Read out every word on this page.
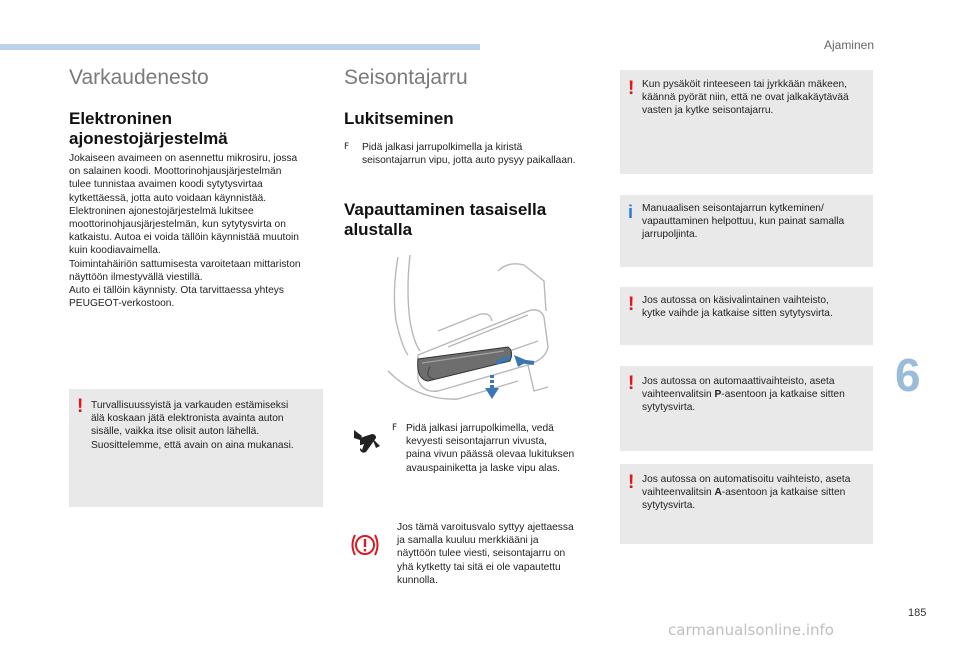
Ajaminen
Varkaudenesto

Elektroninen

ajonestojärjestelmä

Jokaiseen avaimeen on asennettu mikrosiru, jossa

on salainen koodi. Moottorinohjausjärjestelmän

tulee tunnistaa avaimen koodi sytytysvirtaa

kytkettäessä, jotta auto voidaan käynnistää.

Elektroninen ajonestojärjestelmä lukitsee

moottorinohjausjärjestelmän, kun sytytysvirta on

katkaistu. Autoa ei voida tällöin käynnistää muutoin

kuin koodiavaimella.

Toimintahäiriön sattumisesta varoitetaan mittariston

näyttöön ilmestyvällä viestillä.

Auto ei tällöin käynnisty. Ota tarvittaessa yhteys

PEUGEOT-verkostoon.

! Turvallisuussyistä ja varkauden estämiseksi

älä koskaan jätä elektronista avainta auton

sisälle, vaikka itse olisit auton lähellä.

Suosittelemme, että avain on aina mukanasi.

Seisontajarru

Lukitseminen

F Pidä jalkasi jarrupolkimella ja kiristä

seisontajarrun vipu, jotta auto pysyy paikallaan.

Vapauttaminen tasaisella

alustalla

F Pidä jalkasi jarrupolkimella, vedä

kevyesti seisontajarrun vivusta,

paina vivun päässä olevaa lukituksen

avauspainiketta ja laske vipu alas.

Jos tämä varoitusvalo syttyy ajettaessa

ja samalla kuuluu merkkiääni ja

näyttöön tulee viesti, seisontajarru on

yhä kytketty tai sitä ei ole vapautettu

kunnolla.

! Kun pysäköit rinteeseen tai jyrkkään mäkeen,

käännä pyörät niin, että ne ovat jalkakäytävää

vasten ja kytke seisontajarru.

i Manuaalisen seisontajarrun kytkeminen/

vapauttaminen helpottuu, kun painat samalla

jarrupoljinta.

! Jos autossa on käsivalintainen vaihteisto,

kytke vaihde ja katkaise sitten sytytysvirta.

! Jos autossa on automaattivaihteisto, aseta

vaihteenvalitsin P-asentoon ja katkaise sitten

sytytysvirta.

! Jos autossa on automatisoitu vaihteisto, aseta

vaihteenvalitsin A-asentoon ja katkaise sitten

sytytysvirta.

6
185
carmanualsonline.info
